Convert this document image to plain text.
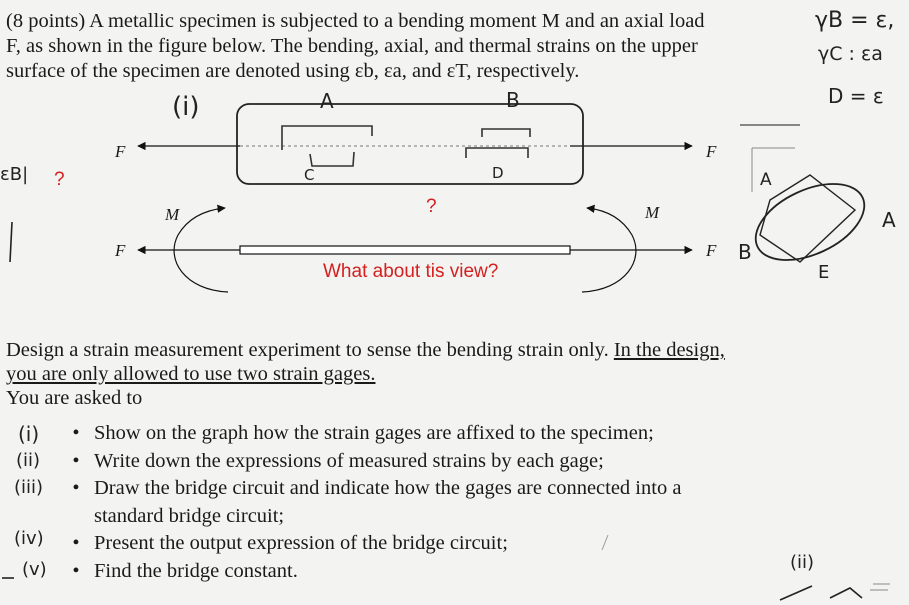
(8 points) A metallic specimen is subjected to a bending moment M and an axial load
F, as shown in the figure below. The bending, axial, and thermal strains on the upper
surface of the specimen are denoted using εb, εa, and εT, respectively.
F	F
F	F
M	M
?
?
What about tis view?
(i)	A	B
C	D
γB = ε,
γC : εa
D = ε
εB|	A
B
E
A
(ii)
Design a strain measurement experiment to sense the bending strain only. In the design,
you are only allowed to use two strain gages.
You are asked to
• Show on the graph how the strain gages are affixed to the specimen;
• Write down the expressions of measured strains by each gage;
• Draw the bridge circuit and indicate how the gages are connected into a
standard bridge circuit;
• Present the output expression of the bridge circuit;
• Find the bridge constant.
(i)
(ii)
(iii)
(iv)
(v)
